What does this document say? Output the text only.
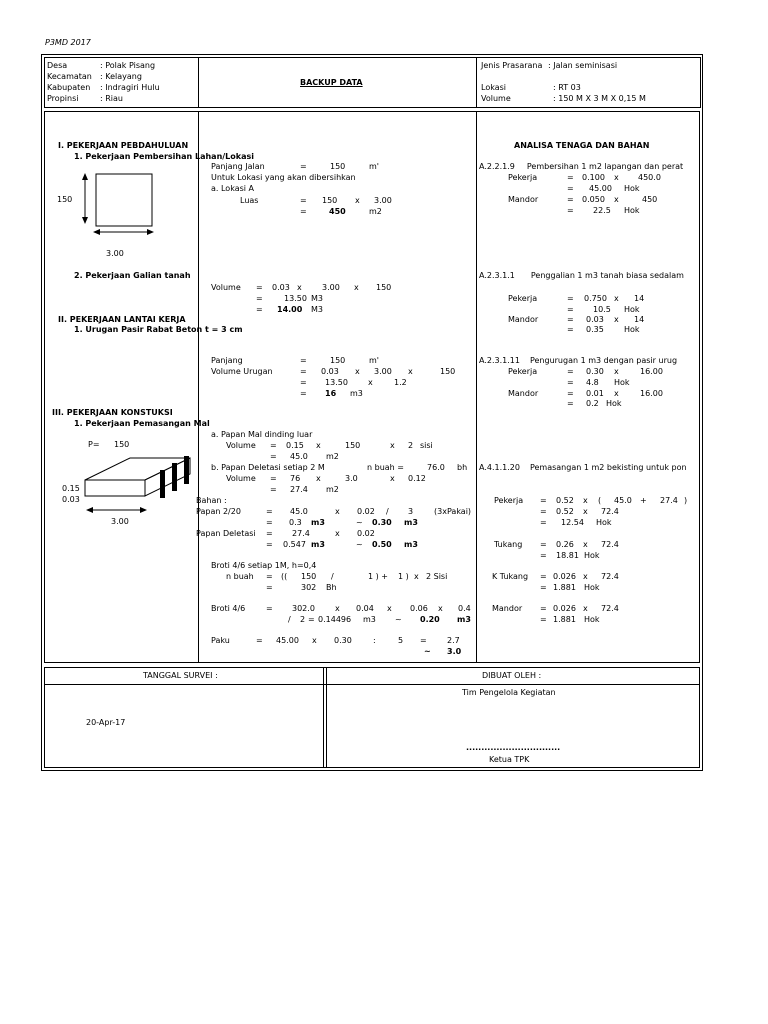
P3MD 2017
Desa	: Polak Pisang
Kecamatan : Kelayang
Kabupaten : Indragiri Hulu
Propinsi	: Riau
BACKUP DATA
Jenis Prasarana : Jalan seminisasi
Lokasi	: RT 03
Volume	: 150 M X 3 M X 0,15 M
I. PEKERJAAN PEBDAHULUAN
1. Pekerjaan Pembersihan Lahan/Lokasi
150
3.00
Panjang Jalan	=	150	m'
Untuk Lokasi yang akan dibersihkan
a. Lokasi A
Luas	= 150 x 3.00
=	450	m2
2. Pekerjaan Galian tanah
Volume = 0.03 x	3.00 x 150
=	13.50 M3
= 14.00 M3
II. PEKERJAAN LANTAI KERJA
1. Urugan Pasir Rabat Beton t = 3 cm
Panjang	=	150	m'
Volume Urugan	= 0.03 x 3.00 x	150
= 13.50	x	1.2
= 16 m3
III. PEKERJAAN KONSTUKSI
1. Pekerjaan Pemasangan Mal
P= 150
0.15
0.03
3.00
a. Papan Mal dinding luar
Volume = 0.15 x	150	x 2 sisi
= 45.0 m2
b. Papan Deletasi setiap 2 M	n buah =	76.0 bh
Volume = 76 x	3.0	x 0.12
= 27.4 m2
Bahan :
Papan 2/20	= 45.0	x 0.02 / 3	(3xPakai)
= 0.3 m3	~ 0.30 m3
Papan Deletasi = 27.4	x 0.02
= 0.547 m3	~ 0.50 m3
Broti 4/6 setiap 1M, h=0,4
n buah = (( 150 /	1 ) + 1 ) x 2 Sisi
=	302 Bh
Broti 4/6	= 302.0	x 0.04 x 0.06 x 0.4
/ 2 = 0.14496 m3 ~ 0.20 m3
Paku	= 45.00 x 0.30	:	5 =	2.7
~ 3.0
ANALISA TENAGA DAN BAHAN
A.2.2.1.9 Pembersihan 1 m2 lapangan dan perat
Pekerja	= 0.100 x 450.0
= 45.00 Hok
Mandor	= 0.050 x	450
= 22.5 Hok
A.2.3.1.1 Penggalian 1 m3 tanah biasa sedalam
Pekerja	= 0.750 x 14
= 10.5 Hok
Mandor	= 0.03 x 14
= 0.35	Hok
A.2.3.1.11 Pengurugan 1 m3 dengan pasir urug
Pekerja	= 0.30 x	16.00
= 4.8 Hok
Mandor	= 0.01 x	16.00
= 0.2 Hok
A.4.1.1.20 Pemasangan 1 m2 bekisting untuk pon
Pekerja = 0.52 x ( 45.0 + 27.4 )
= 0.52 x 72.4
= 12.54 Hok
Tukang = 0.26 x 72.4
= 18.81 Hok
K Tukang = 0.026 x 72.4
= 1.881 Hok
Mandor = 0.026 x 72.4
= 1.881 Hok
TANGGAL SURVEI :
20-Apr-17
DIBUAT OLEH :
Tim Pengelola Kegiatan
...............................
Ketua TPK
